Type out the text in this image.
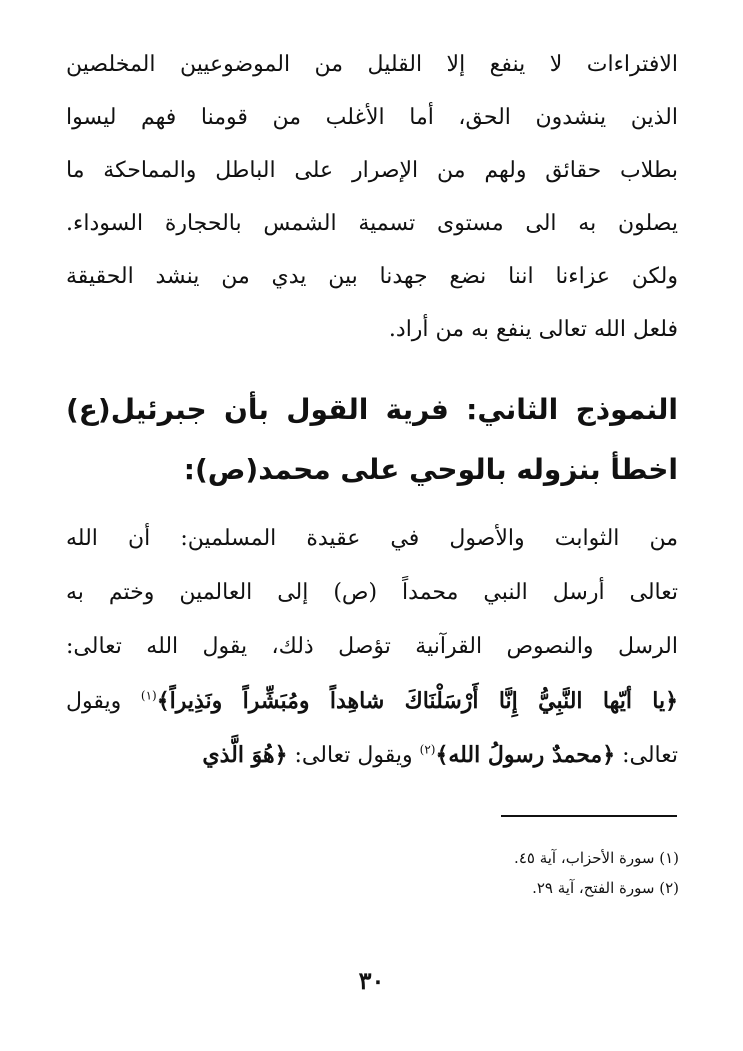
الافتراءات لا ينفع إلا القليل من الموضوعيين المخلصين
الذين ينشدون الحق، أما الأغلب من قومنا فهم ليسوا
بطلاب حقائق ولهم من الإصرار على الباطل والمماحكة ما
يصلون به الى مستوى تسمية الشمس بالحجارة السوداء.
ولكن عزاءنا اننا نضع جهدنا بين يدي من ينشد الحقيقة
فلعل الله تعالى ينفع به من أراد.
النموذج الثاني: فرية القول بأن جبرئيل(ع)
اخطأ بنزوله بالوحي على محمد(ص):
من الثوابت والأصول في عقيدة المسلمين: أن الله
تعالى أرسل النبي محمداً (ص) إلى العالمين وختم به
الرسل والنصوص القرآنية تؤصل ذلك، يقول الله تعالى:
﴿يا أيّها النَّبِيُّ إِنَّا أَرْسَلْنَاكَ شاهِداً ومُبَشِّراً ونَذِيراً﴾$^{(١)}$ ويقول
تعالى: ﴿محمدٌ رسولُ الله﴾$^{(٢)}$ ويقول تعالى: ﴿هُوَ الَّذي
(١) سورة الأحزاب، آية ٤٥.
(٢) سورة الفتح، آية ٢٩.
٣٠
